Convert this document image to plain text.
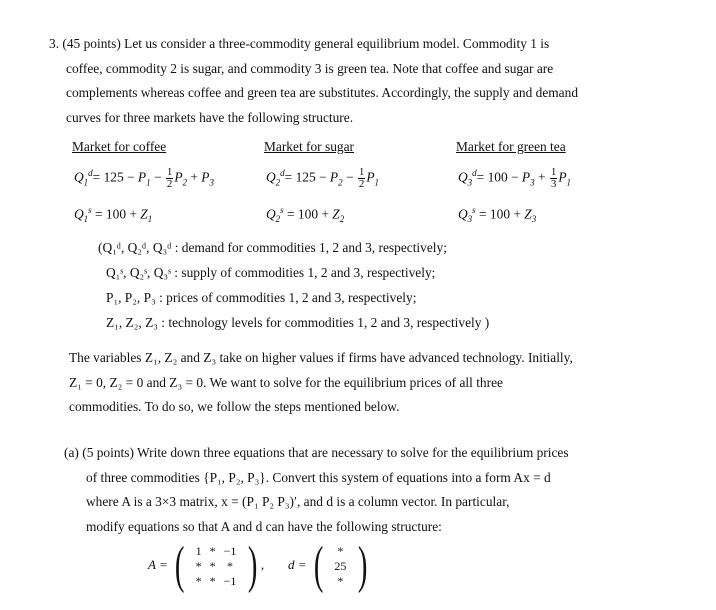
3. (45 points) Let us consider a three-commodity general equilibrium model. Commodity 1 is
coffee, commodity 2 is sugar, and commodity 3 is green tea. Note that coffee and sugar are
complements whereas coffee and green tea are substitutes. Accordingly, the supply and demand
curves for three markets have the following structure.
Market for coffee	Market for sugar	Market for green tea
$Q_1^d= 125 - P_1 - \frac{1}{2} P_2 + P_3$	$Q_2^d= 125 - P_2 - \frac{1}{2} P_1$	$Q_3^d= 100 - P_3 + \frac{1}{3} P_1$
$Q_1^s = 100 + Z_1$	$Q_2^s = 100 + Z_2$	$Q_3^s = 100 + Z_3$
(Q₁ᵈ, Q₂ᵈ, Q₃ᵈ : demand for commodities 1, 2 and 3, respectively;
Q₁ˢ, Q₂ˢ, Q₃ˢ : supply of commodities 1, 2 and 3, respectively;
P₁, P₂, P₃ : prices of commodities 1, 2 and 3, respectively;
Z₁, Z₂, Z₃ : technology levels for commodities 1, 2 and 3, respectively )
The variables Z₁, Z₂ and Z₃ take on higher values if firms have advanced technology. Initially,
Z₁ = 0, Z₂ = 0 and Z₃ = 0. We want to solve for the equilibrium prices of all three
commodities. To do so, we follow the steps mentioned below.
(a) (5 points) Write down three equations that are necessary to solve for the equilibrium prices
of three commodities {P₁, P₂, P₃}. Convert this system of equations into a form Ax = d
where A is a 3×3 matrix, x = (P₁ P₂ P₃)′, and d is a column vector. In particular,
modify equations so that A and d can have the following structure:
A = ( 1	*	−1
*	*	*
*	*	−1 ) , d = ( *
25
* )
